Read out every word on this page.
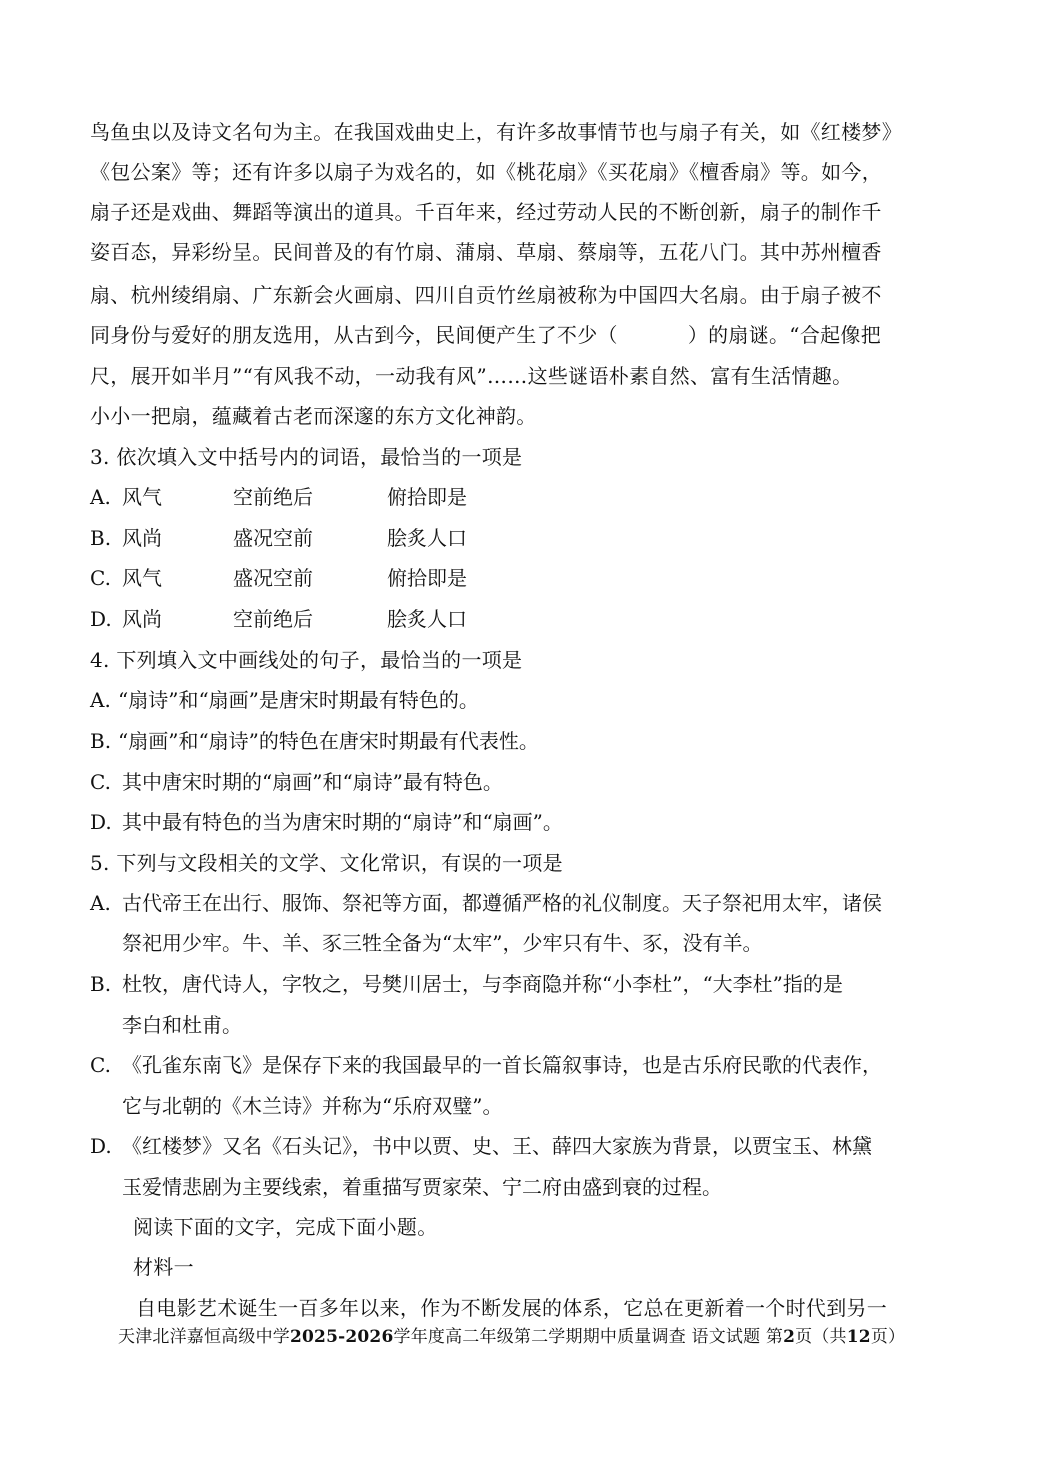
鸟鱼虫以及诗文名句为主。在我国戏曲史上，有许多故事情节也与扇子有关，如《红楼梦》
《包公案》等；还有许多以扇子为戏名的，如《桃花扇》《买花扇》《檀香扇》等。如今，
扇子还是戏曲、舞蹈等演出的道具。千百年来，经过劳动人民的不断创新，扇子的制作千
姿百态，异彩纷呈。民间普及的有竹扇、蒲扇、草扇、蔡扇等，五花八门。其中苏州檀香
扇、杭州绫绢扇、广东新会火画扇、四川自贡竹丝扇被称为中国四大名扇。由于扇子被不
同身份与爱好的朋友选用，从古到今，民间便产生了不少（	）的扇谜。“合起像把
尺，展开如半月”“有风我不动，一动我有风”……这些谜语朴素自然、富有生活情趣。
小小一把扇，蕴藏着古老而深邃的东方文化神韵。
3. 依次填入文中括号内的词语，最恰当的一项是
A. 风气	空前绝后	俯拾即是
B. 风尚	盛况空前	脍炙人口
C. 风气	盛况空前	俯拾即是
D. 风尚	空前绝后	脍炙人口
4. 下列填入文中画线处的句子，最恰当的一项是
A. “扇诗”和“扇画”是唐宋时期最有特色的。
B. “扇画”和“扇诗”的特色在唐宋时期最有代表性。
C. 其中唐宋时期的“扇画”和“扇诗”最有特色。
D. 其中最有特色的当为唐宋时期的“扇诗”和“扇画”。
5. 下列与文段相关的文学、文化常识，有误的一项是
A. 古代帝王在出行、服饰、祭祀等方面，都遵循严格的礼仪制度。天子祭祀用太牢，诸侯
祭祀用少牢。牛、羊、豕三牲全备为“太牢”，少牢只有牛、豕，没有羊。
B. 杜牧，唐代诗人，字牧之，号樊川居士，与李商隐并称“小李杜”，“大李杜”指的是
李白和杜甫。
C. 《孔雀东南飞》是保存下来的我国最早的一首长篇叙事诗，也是古乐府民歌的代表作，
它与北朝的《木兰诗》并称为“乐府双璧”。
D. 《红楼梦》又名《石头记》，书中以贾、史、王、薛四大家族为背景，以贾宝玉、林黛
玉爱情悲剧为主要线索，着重描写贾家荣、宁二府由盛到衰的过程。
阅读下面的文字，完成下面小题。
材料一
自电影艺术诞生一百多年以来，作为不断发展的体系，它总在更新着一个时代到另一
天津北洋嘉恒高级中学2025-2026学年度高二年级第二学期期中质量调查 语文试题 第2页（共12页）
